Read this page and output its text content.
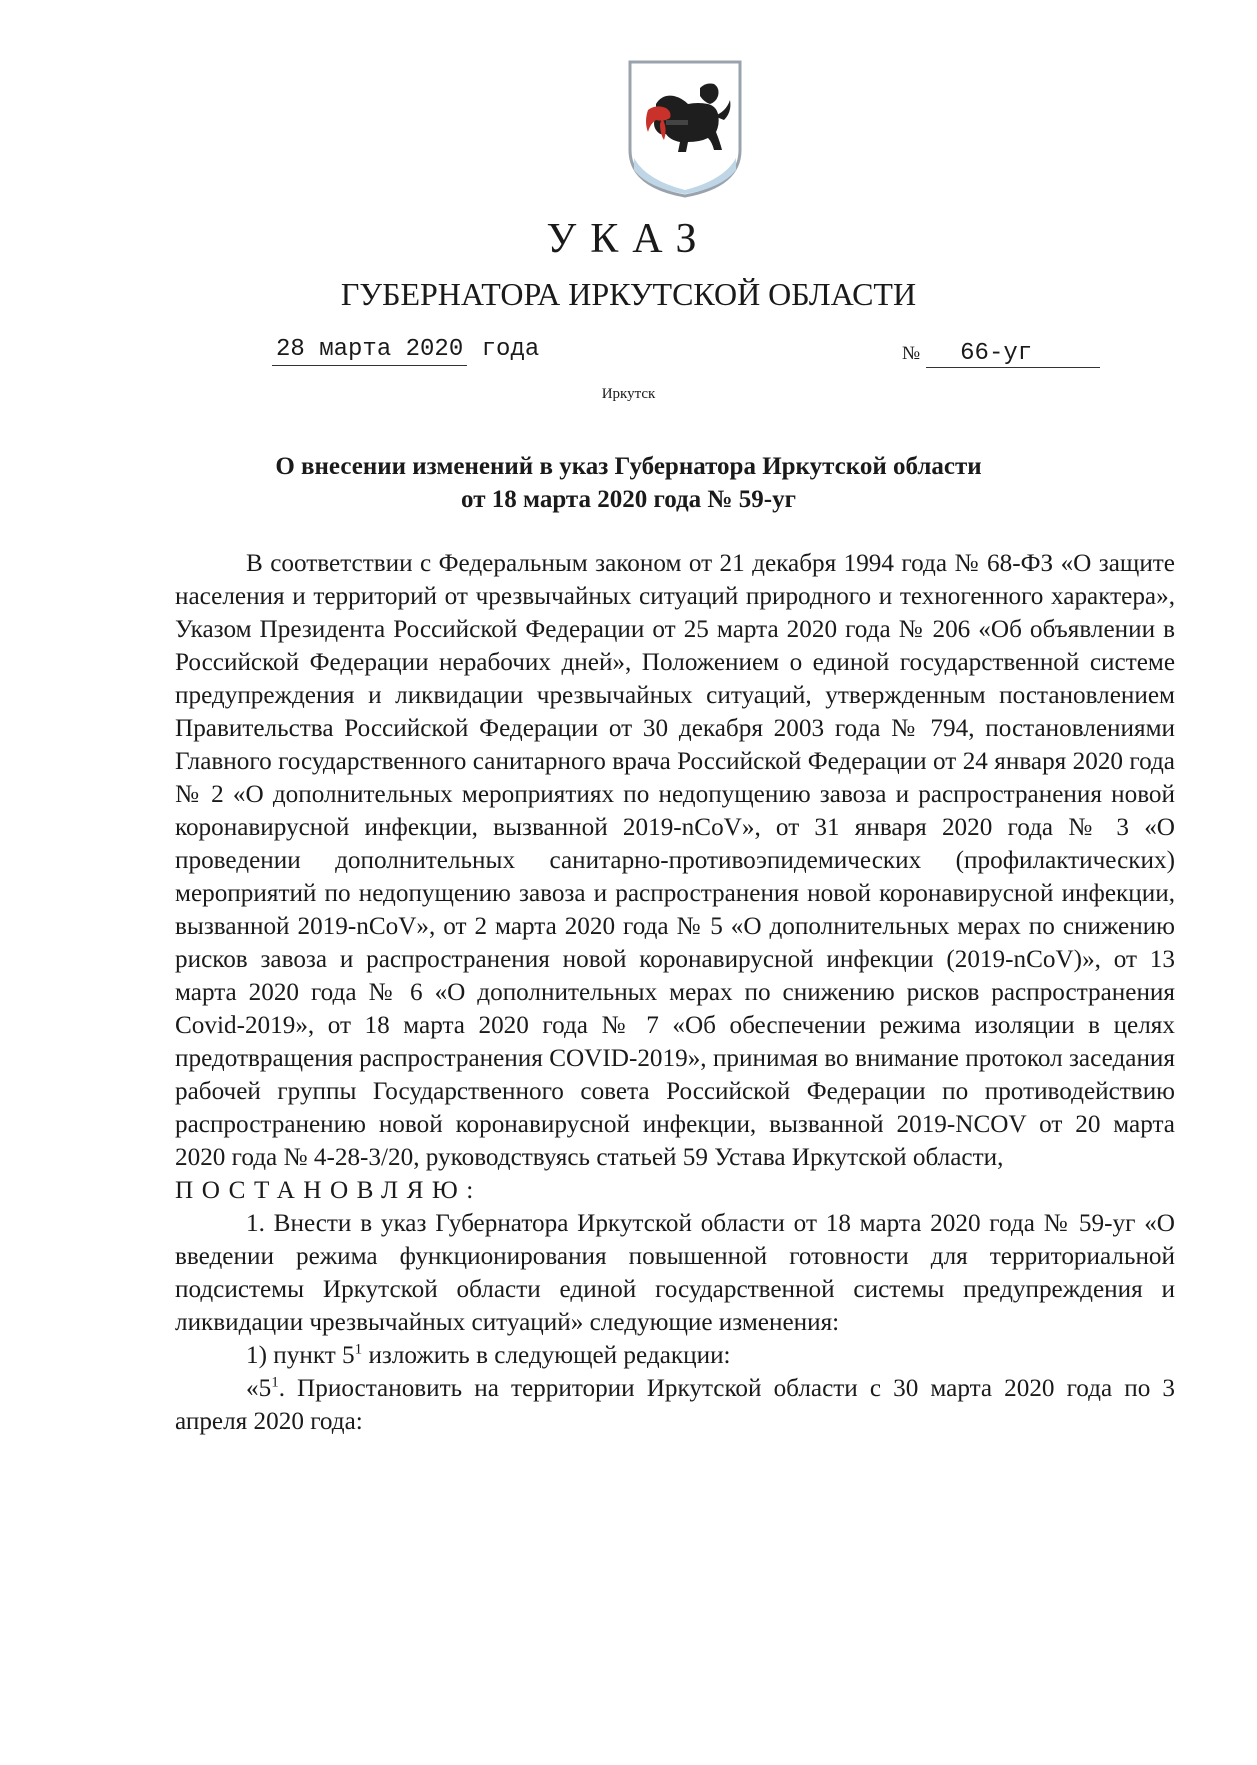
УКАЗ
ГУБЕРНАТОРА ИРКУТСКОЙ ОБЛАСТИ
28 марта 2020 года	№ 66-уг
Иркутск
О внесении изменений в указ Губернатора Иркутской области
от 18 марта 2020 года № 59-уг

В соответствии с Федеральным законом от 21 декабря 1994 года № 68-ФЗ «О защите населения и территорий от чрезвычайных ситуаций природного и техногенного характера», Указом Президента Российской Федерации от 25 марта 2020 года № 206 «Об объявлении в Российской Федерации нерабочих дней», Положением о единой государственной системе предупреждения и ликвидации чрезвычайных ситуаций, утвержденным постановлением Правительства Российской Федерации от 30 декабря 2003 года № 794, постановлениями Главного государственного санитарного врача Российской Федерации от 24 января 2020 года № 2 «О дополнительных мероприятиях по недопущению завоза и распространения новой коронавирусной инфекции, вызванной 2019-nCoV», от 31 января 2020 года № 3 «О проведении дополнительных санитарно-противоэпидемических (профилактических) мероприятий по недопущению завоза и распространения новой коронавирусной инфекции, вызванной 2019-nCoV», от 2 марта 2020 года № 5 «О дополнительных мерах по снижению рисков завоза и распространения новой коронавирусной инфекции (2019-nCoV)», от 13 марта 2020 года № 6 «О дополнительных мерах по снижению рисков распространения Covid-2019», от 18 марта 2020 года № 7 «Об обеспечении режима изоляции в целях предотвращения распространения COVID-2019», принимая во внимание протокол заседания рабочей группы Государственного совета Российской Федерации по противодействию распространению новой коронавирусной инфекции, вызванной 2019-NCOV от 20 марта 2020 года № 4-28-3/20, руководствуясь статьей 59 Устава Иркутской области,

ПОСТАНОВЛЯЮ:

1. Внести в указ Губернатора Иркутской области от 18 марта 2020 года № 59-уг «О введении режима функционирования повышенной готовности для территориальной подсистемы Иркутской области единой государственной системы предупреждения и ликвидации чрезвычайных ситуаций» следующие изменения:

1) пункт $5^1$ изложить в следующей редакции:

«$5^1$. Приостановить на территории Иркутской области с 30 марта 2020 года по 3 апреля 2020 года:
